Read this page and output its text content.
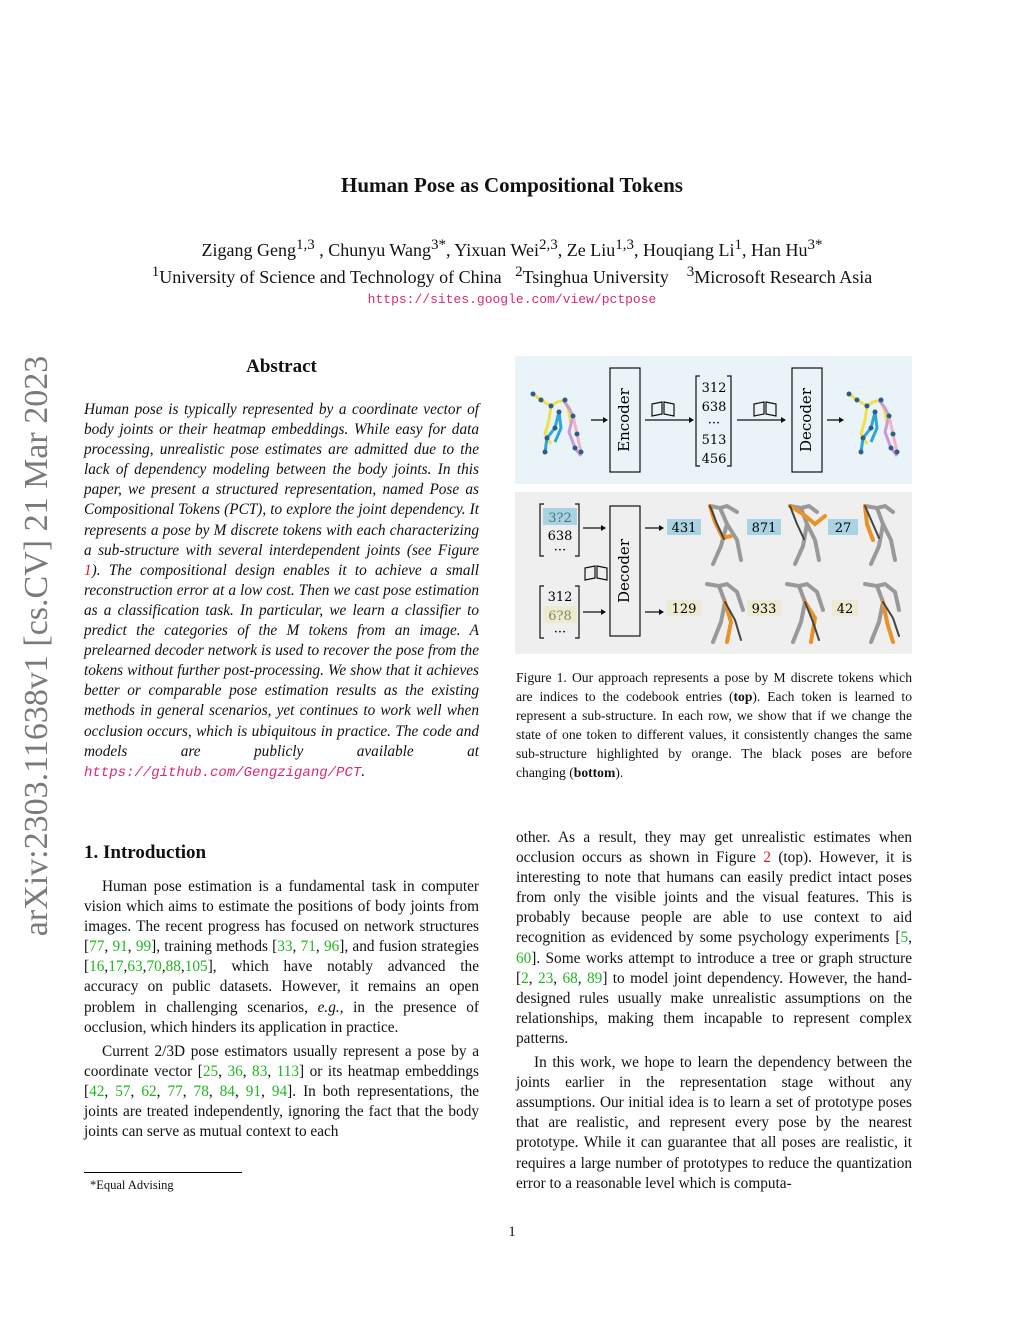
Human Pose as Compositional Tokens
Zigang Geng$^{1,3}$ , Chunyu Wang$^{3*}$, Yixuan Wei$^{2,3}$, Ze Liu$^{1,3}$, Houqiang Li$^1$, Han $Hu^{3*}$
$^1$University of Science and Technology of China $^2$Tsinghua University $^3$Microsoft Research Asia
https://sites.google.com/view/pctpose
arXiv:2303.11638v1 [cs.CV] 21 Mar 2023	Abstract
Human pose is typically represented by a coordinate vector of body joints or their heatmap embeddings. While easy for data processing, unrealistic pose estimates are admitted due to the lack of dependency modeling between the body joints. In this paper, we present a structured representation, named Pose as Compositional Tokens (PCT), to explore the joint dependency. It represents a pose by M discrete tokens with each characterizing a sub-structure with several interdependent joints (see Figure 1). The compositional design enables it to achieve a small reconstruction error at a low cost. Then we cast pose estimation as a classification task. In particular, we learn a classifier to predict the categories of the M tokens from an image. A prelearned decoder network is used to recover the pose from the tokens without further post-processing. We show that it achieves better or comparable pose estimation results as the existing methods in general scenarios, yet continues to work well when occlusion occurs, which is ubiquitous in practice. The code and models are publicly available at https://github.com/Gengzigang/PCT.
1. Introduction

Human pose estimation is a fundamental task in computer vision which aims to estimate the positions of body joints from images. The recent progress has focused on network structures [77, 91, 99], training methods [33, 71, 96], and fusion strategies [16,17,63,70,88,105], which have notably advanced the accuracy on public datasets. However, it remains an open problem in challenging scenarios, e.g., in the presence of occlusion, which hinders its application in practice.

Current 2/3D pose estimators usually represent a pose by a coordinate vector [25, 36, 83, 113] or its heatmap embeddings [42, 57, 62, 77, 78, 84, 91, 94]. In both representations, the joints are treated independently, ignoring the fact that the body joints can serve as mutual context to each

other. As a result, they may get unrealistic estimates when occlusion occurs as shown in Figure 2 (top). However, it is interesting to note that humans can easily predict intact poses from only the visible joints and the visual features. This is probably because people are able to use context to aid recognition as evidenced by some psychology experiments [5, 60]. Some works attempt to introduce a tree or graph structure [2, 23, 68, 89] to model joint dependency. However, the hand-designed rules usually make unrealistic assumptions on the relationships, making them incapable to represent complex patterns.

In this work, we hope to learn the dependency between the joints earlier in the representation stage without any assumptions. Our initial idea is to learn a set of prototype poses that are realistic, and represent every pose by the nearest prototype. While it can guarantee that all poses are realistic, it requires a large number of prototypes to reduce the quantization error to a reasonable level which is computa-

*Equal Advising
1
Encoder	312
638
···
513
456
Decoder
3?2
638
···
312
6?8
···
Decoder
431	871	27
129	933	42
Figure 1. Our approach represents a pose by M discrete tokens which are indices to the codebook entries (top). Each token is learned to represent a sub-structure. In each row, we show that if we change the state of one token to different values, it consistently changes the same sub-structure highlighted by orange. The black poses are before changing (bottom).
